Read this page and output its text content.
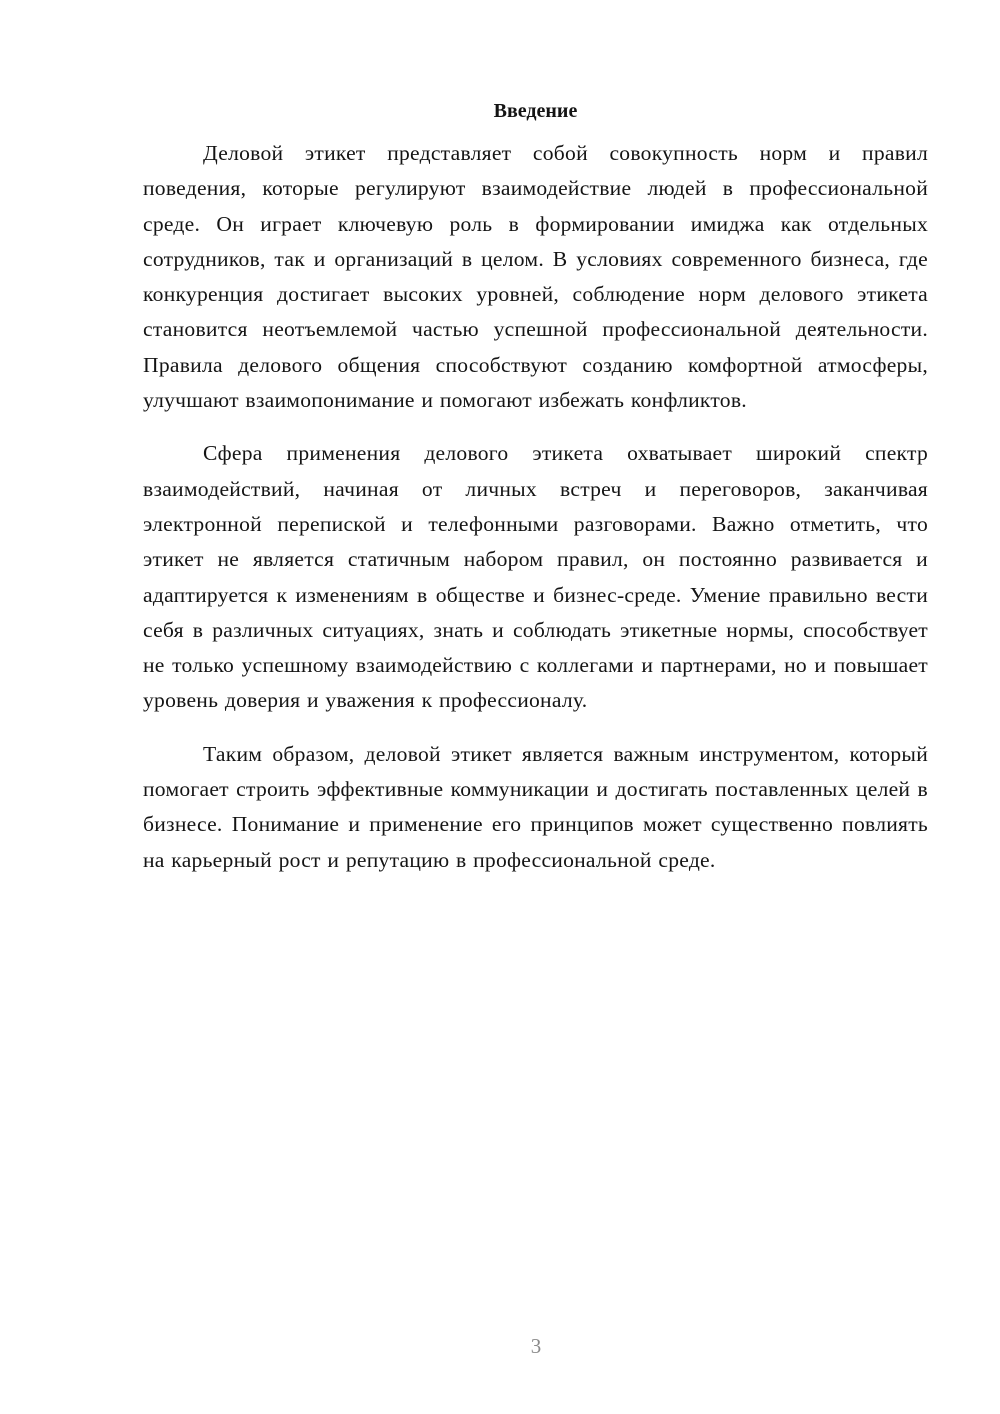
Введение

Деловой этикет представляет собой совокупность норм и правил поведения, которые регулируют взаимодействие людей в профессиональной среде. Он играет ключевую роль в формировании имиджа как отдельных сотрудников, так и организаций в целом. В условиях современного бизнеса, где конкуренция достигает высоких уровней, соблюдение норм делового этикета становится неотъемлемой частью успешной профессиональной деятельности. Правила делового общения способствуют созданию комфортной атмосферы, улучшают взаимопонимание и помогают избежать конфликтов.

Сфера применения делового этикета охватывает широкий спектр взаимодействий, начиная от личных встреч и переговоров, заканчивая электронной перепиской и телефонными разговорами. Важно отметить, что этикет не является статичным набором правил, он постоянно развивается и адаптируется к изменениям в обществе и бизнес-среде. Умение правильно вести себя в различных ситуациях, знать и соблюдать этикетные нормы, способствует не только успешному взаимодействию с коллегами и партнерами, но и повышает уровень доверия и уважения к профессионалу.

Таким образом, деловой этикет является важным инструментом, который помогает строить эффективные коммуникации и достигать поставленных целей в бизнесе. Понимание и применение его принципов может существенно повлиять на карьерный рост и репутацию в профессиональной среде.

3
